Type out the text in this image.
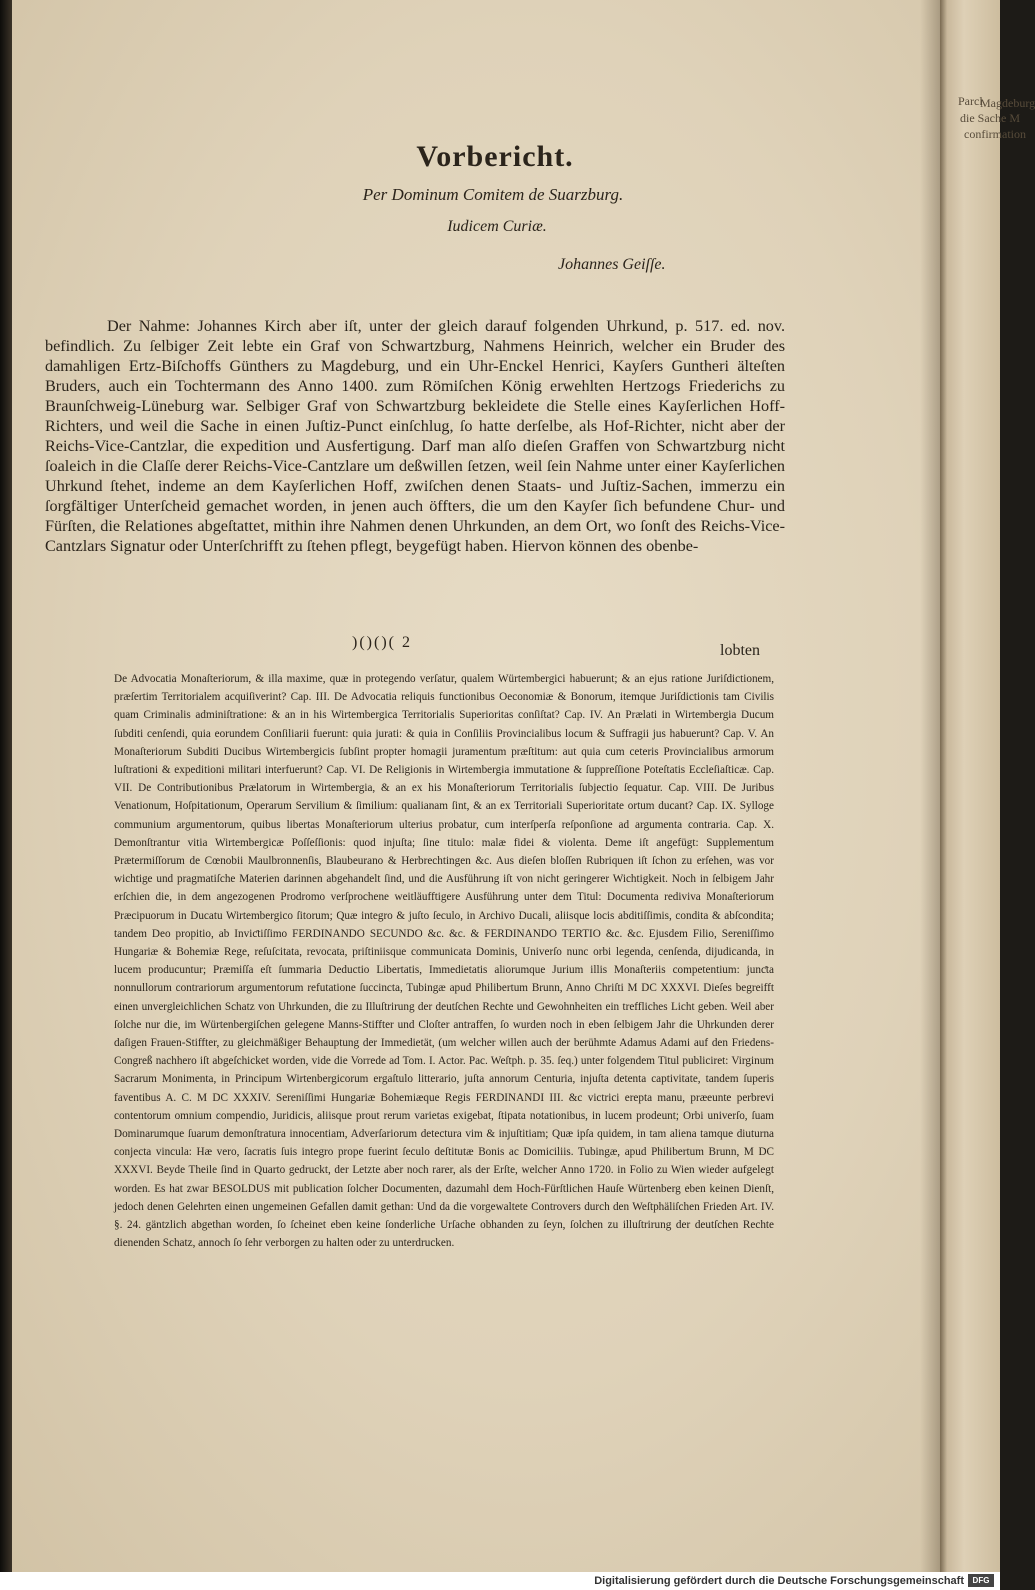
Vorbericht.
Per Dominum Comitem de Suarzburg.
Iudicem Curiæ.
Johannes Geiſſe.

Der Nahme: Johannes Kirch aber iſt, unter der gleich darauf folgenden Uhrkund, p. 517. ed. nov. befindlich. Zu ſelbiger Zeit lebte ein Graf von Schwartzburg, Nahmens Heinrich, welcher ein Bruder des damahligen Ertz-Biſchoffs Günthers zu Magdeburg, und ein Uhr-Enckel Henrici, Kayſers Guntheri älteſten Bruders, auch ein Tochtermann des Anno 1400. zum Römiſchen König erwehlten Hertzogs Friederichs zu Braunſchweig-Lüneburg war. Selbiger Graf von Schwartzburg bekleidete die Stelle eines Kayſerlichen Hoff-Richters, und weil die Sache in einen Juſtiz-Punct einſchlug, ſo hatte derſelbe, als Hof-Richter, nicht aber der Reichs-Vice-Cantzlar, die expedition und Ausfertigung. Darf man alſo dieſen Graffen von Schwartzburg nicht ſoaleich in die Claſſe derer Reichs-Vice-Cantzlare um deßwillen ſetzen, weil ſein Nahme unter einer Kayſerlichen Uhrkund ſtehet, indeme an dem Kayſerlichen Hoff, zwiſchen denen Staats- und Juſtiz-Sachen, immerzu ein ſorgfältiger Unterſcheid gemachet worden, in jenen auch öffters, die um den Kayſer ſich befundene Chur- und Fürſten, die Relationes abgeſtattet, mithin ihre Nahmen denen Uhrkunden, an dem Ort, wo ſonſt des Reichs-Vice-Cantzlars Signatur oder Unterſchrifft zu ſtehen pflegt, beygefügt haben. Hiervon können des obenbe-

)()()( 2	lobten

De Advocatia Monaſteriorum, & illa maxime, quæ in protegendo verſatur, qualem Würtembergici habuerunt; & an ejus ratione Juriſdictionem, præſertim Territorialem acquiſiverint? Cap. III. De Advocatia reliquis functionibus Oeconomiæ & Bonorum, itemque Juriſdictionis tam Civilis quam Criminalis adminiſtratione: & an in his Wirtembergica Territorialis Superioritas conſiſtat? Cap. IV. An Prælati in Wirtembergia Ducum ſubditi cenſendi, quia eorundem Conſiliarii fuerunt: quia jurati: & quia in Conſiliis Provincialibus locum & Suffragii jus habuerunt? Cap. V. An Monaſteriorum Subditi Ducibus Wirtembergicis ſubſint propter homagii juramentum præſtitum: aut quia cum ceteris Provincialibus armorum luſtrationi & expeditioni militari interfuerunt? Cap. VI. De Religionis in Wirtembergia immutatione & ſuppreſſione Poteſtatis Eccleſiaſticæ. Cap. VII. De Contributionibus Prælatorum in Wirtembergia, & an ex his Monaſteriorum Territorialis ſubjectio ſequatur. Cap. VIII. De Juribus Venationum, Hoſpitationum, Operarum Servilium & ſimilium: qualianam ſint, & an ex Territoriali Superioritate ortum ducant? Cap. IX. Sylloge communium argumentorum, quibus libertas Monaſteriorum ulterius probatur, cum interſperſa reſponſione ad argumenta contraria. Cap. X. Demonſtrantur vitia Wirtembergicæ Poſſeſſionis: quod injuſta; ſine titulo: malæ fidei & violenta. Deme iſt angefügt: Supplementum Prætermiſſorum de Cœnobii Maulbronnenſis, Blaubeurano & Herbrechtingen &c. Aus dieſen bloſſen Rubriquen iſt ſchon zu erſehen, was vor wichtige und pragmatiſche Materien darinnen abgehandelt ſind, und die Ausführung iſt von nicht geringerer Wichtigkeit. Noch in ſelbigem Jahr erſchien die, in dem angezogenen Prodromo verſprochene weitläufftigere Ausführung unter dem Titul: Documenta rediviva Monaſteriorum Præcipuorum in Ducatu Wirtembergico ſitorum; Quæ integro & juſto ſeculo, in Archivo Ducali, aliisque locis abditiſſimis, condita & abſcondita; tandem Deo propitio, ab Inviƈtiſſimo FERDINANDO SECUNDO &c. &c. & FERDINANDO TERTIO &c. &c. Ejusdem Filio, Sereniſſimo Hungariæ & Bohemiæ Rege, reſuſcitata, revocata, priſtiniisque communicata Dominis, Univerſo nunc orbi legenda, cenſenda, dijudicanda, in lucem producuntur; Præmiſſa eſt ſummaria Deductio Libertatis, Immedietatis aliorumque Jurium illis Monaſteriis competentium: junƈta nonnullorum contrariorum argumentorum refutatione ſuccincta, Tubingæ apud Philibertum Brunn, Anno Chriſti M DC XXXVI. Dieſes begreifft einen unvergleichlichen Schatz von Uhrkunden, die zu Illuſtrirung der deutſchen Rechte und Gewohnheiten ein treffliches Licht geben. Weil aber ſolche nur die, im Würtenbergiſchen gelegene Manns-Stiffter und Cloſter antraffen, ſo wurden noch in eben ſelbigem Jahr die Uhrkunden derer daſigen Frauen-Stiffter, zu gleichmäßiger Behauptung der Immedietät, (um welcher willen auch der berühmte Adamus Adami auf den Friedens-Congreß nachhero iſt abgeſchicket worden, vide die Vorrede ad Tom. I. Actor. Pac. Weſtph. p. 35. ſeq.) unter folgendem Titul publiciret: Virginum Sacrarum Monimenta, in Principum Wirtenbergicorum ergaſtulo litterario, juſta annorum Centuria, injuſta detenta captivitate, tandem ſuperis faventibus A. C. M DC XXXIV. Sereniſſimi Hungariæ Bohemiæque Regis FERDINANDI III. &c victrici erepta manu, præeunte perbrevi contentorum omnium compendio, Juridicis, aliisque prout rerum varietas exigebat, ſtipata notationibus, in lucem prodeunt; Orbi univerſo, ſuam Dominarumque ſuarum demonſtratura innocentiam, Adverſariorum detectura vim & injuſtitiam; Quæ ipſa quidem, in tam aliena tamque diuturna conjecta vincula: Hæ vero, ſacratis ſuis integro prope fuerint ſeculo deſtitutæ Bonis ac Domiciliis. Tubingæ, apud Philibertum Brunn, M DC XXXVI. Beyde Theile ſind in Quarto gedruckt, der Letzte aber noch rarer, als der Erſte, welcher Anno 1720. in Folio zu Wien wieder aufgelegt worden. Es hat zwar BESOLDUS mit publication ſolcher Documenten, dazumahl dem Hoch-Fürſtlichen Hauſe Würtenberg eben keinen Dienſt, jedoch denen Gelehrten einen ungemeinen Gefallen damit gethan: Und da die vorgewaltete Controvers durch den Weſtphäliſchen Frieden Art. IV. §. 24. gäntzlich abgethan worden, ſo ſcheinet eben keine ſonderliche Urſache obhanden zu ſeyn, ſolchen zu illuſtrirung der deutſchen Rechte dienenden Schatz, annoch ſo ſehr verborgen zu halten oder zu unterdrucken.

Parcl
Magdeburg
die Sache M
confirmation
Digitalisierung gefördert durch die Deutsche Forschungsgemeinschaft	DFG
